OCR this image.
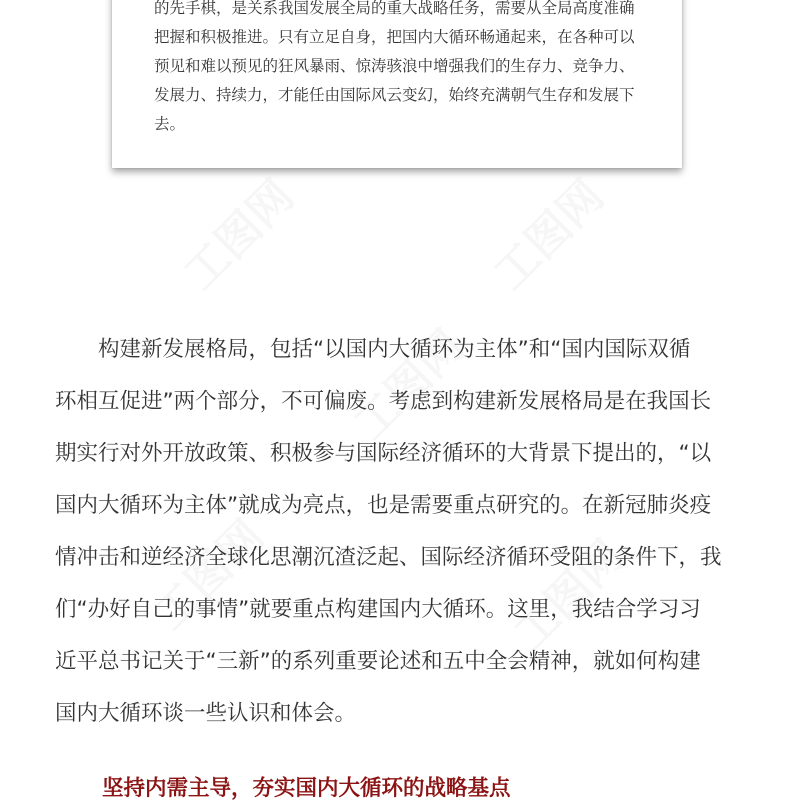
的先手棋，是关系我国发展全局的重大战略任务，需要从全局高度准确
把握和积极推进。只有立足自身，把国内大循环畅通起来，在各种可以
预见和难以预见的狂风暴雨、惊涛骇浪中增强我们的生存力、竞争力、
发展力、持续力，才能任由国际风云变幻，始终充满朝气生存和发展下
去。

　　构建新发展格局，包括“以国内大循环为主体”和“国内国际双循
环相互促进”两个部分，不可偏废。考虑到构建新发展格局是在我国长
期实行对外开放政策、积极参与国际经济循环的大背景下提出的，“以
国内大循环为主体”就成为亮点，也是需要重点研究的。在新冠肺炎疫
情冲击和逆经济全球化思潮沉渣泛起、国际经济循环受阻的条件下，我
们“办好自己的事情”就要重点构建国内大循环。这里，我结合学习习
近平总书记关于“三新”的系列重要论述和五中全会精神，就如何构建
国内大循环谈一些认识和体会。

坚持内需主导，夯实国内大循环的战略基点
